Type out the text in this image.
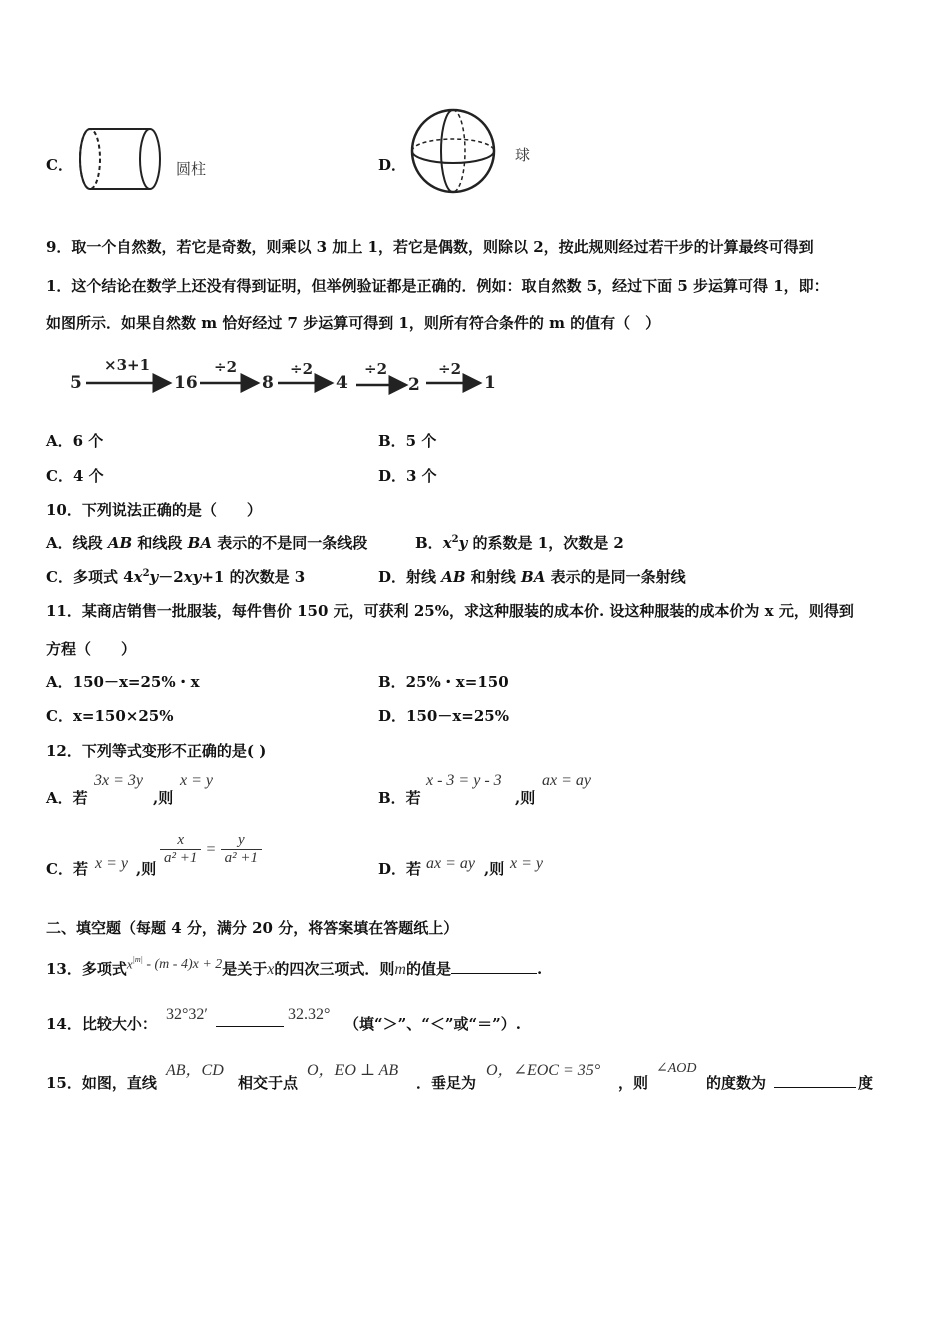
C．	圆柱	D．
球
9．取一个自然数，若它是奇数，则乘以 3 加上 1，若它是偶数，则除以 2，按此规则经过若干步的计算最终可得到
1．这个结论在数学上还没有得到证明，但举例验证都是正确的．例如：取自然数 5，经过下面 5 步运算可得 1，即：
如图所示．如果自然数 m 恰好经过 7 步运算可得到 1，则所有符合条件的 m 的值有（　）
5
×3+1
16
÷2
8
÷2
4
÷2
2
÷2
1
A．6 个	B．5 个
C．4 个	D．3 个
10．下列说法正确的是（　　）
A．线段 AB 和线段 BA 表示的不是同一条线段	B．$x^2y$ 的系数是 1，次数是 2
C．多项式 $4x^2y-2xy+1$ 的次数是 3	D．射线 AB 和射线 BA 表示的是同一条射线
11．某商店销售一批服装，每件售价 150 元，可获利 25%，求这种服装的成本价. 设这种服装的成本价为 x 元，则得到
方程（　　）
A．150－x=25%・x	B．25%・x=150
C．x=150×25%	D．150－x=25%
12．下列等式变形不正确的是( )
A．若
3x = 3y
,则
x = y
B．若
x - 3 = y - 3
,则
ax = ay
C．若 x = y ,则
$\frac{x}{\text{a² +1}} = \frac{y}{\text{a² +1}}$
D．若 ax = ay ,则 x = y
二、填空题（每题 4 分，满分 20 分，将答案填在答题纸上）
13．多项式$^{x|m|}$ - (m - 4)x + 2是关于x的四次三项式．则m的值是	.
14．比较大小：
32°32′	32.32°
（填“＞”、“＜”或“＝”）.
15．如图，直线
AB，CD
相交于点
O，EO ⊥ AB
．垂足为
O，∠EOC = 35°
，则
∠AOD
的度数为	度
